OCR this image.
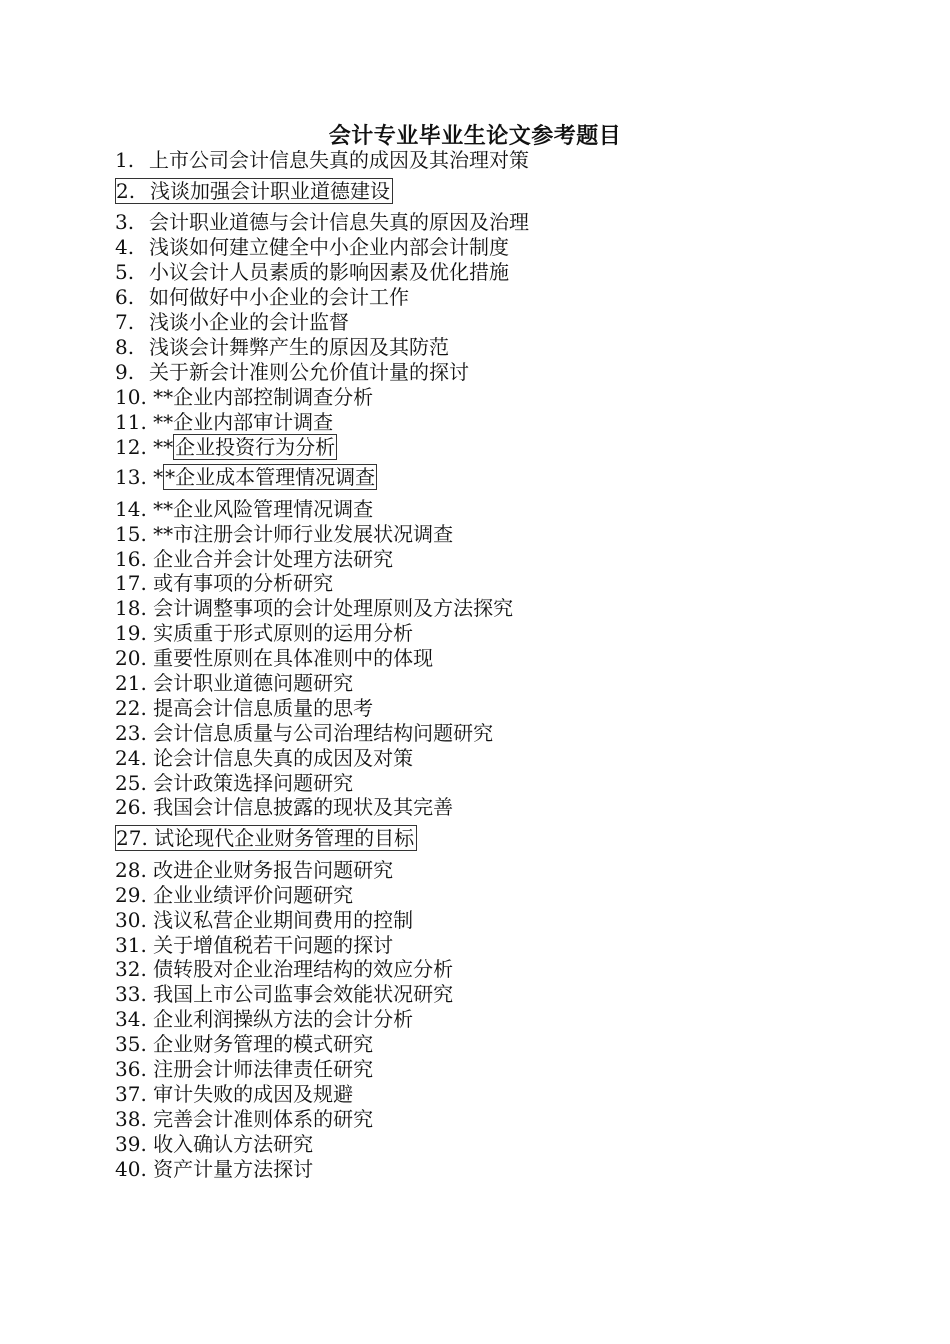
会计专业毕业生论文参考题目
1. 上市公司会计信息失真的成因及其治理对策
2. 浅谈加强会计职业道德建设
3. 会计职业道德与会计信息失真的原因及治理
4. 浅谈如何建立健全中小企业内部会计制度
5. 小议会计人员素质的影响因素及优化措施
6. 如何做好中小企业的会计工作
7. 浅谈小企业的会计监督
8. 浅谈会计舞弊产生的原因及其防范
9. 关于新会计准则公允价值计量的探讨
10. **企业内部控制调查分析
11. **企业内部审计调查
12. ** 企业投资行为分析
13. * *企业成本管理情况调查
14. **企业风险管理情况调查
15. **市注册会计师行业发展状况调查
16. 企业合并会计处理方法研究
17. 或有事项的分析研究
18. 会计调整事项的会计处理原则及方法探究
19. 实质重于形式原则的运用分析
20. 重要性原则在具体准则中的体现
21. 会计职业道德问题研究
22. 提高会计信息质量的思考
23. 会计信息质量与公司治理结构问题研究
24. 论会计信息失真的成因及对策
25. 会计政策选择问题研究
26. 我国会计信息披露的现状及其完善
27. 试论现代企业财务管理的目标
28. 改进企业财务报告问题研究
29. 企业业绩评价问题研究
30. 浅议私营企业期间费用的控制
31. 关于增值税若干问题的探讨
32. 债转股对企业治理结构的效应分析
33. 我国上市公司监事会效能状况研究
34. 企业利润操纵方法的会计分析
35. 企业财务管理的模式研究
36. 注册会计师法律责任研究
37. 审计失败的成因及规避
38. 完善会计准则体系的研究
39. 收入确认方法研究
40. 资产计量方法探讨
